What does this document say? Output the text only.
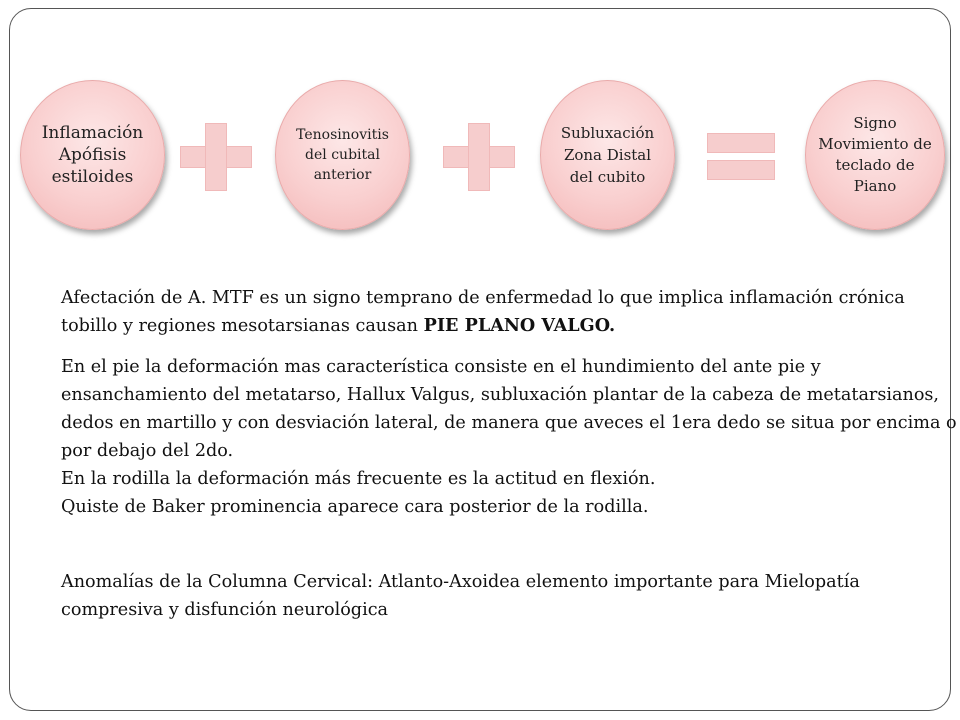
Inflamación Apófisis estiloides
Tenosinovitis del cubital anterior
Subluxación Zona Distal del cubito
Signo Movimiento de teclado de Piano
Afectación de A. MTF es un signo temprano de enfermedad lo que implica inflamación crónica
tobillo y regiones mesotarsianas causan PIE PLANO VALGO.
En el pie la deformación mas característica consiste en el hundimiento del ante pie y
ensanchamiento del metatarso, Hallux Valgus, subluxación plantar de la cabeza de metatarsianos,
dedos en martillo y con desviación lateral, de manera que aveces el 1era dedo se situa por encima o
por debajo del 2do.
En la rodilla la deformación más frecuente es la actitud en flexión.
Quiste de Baker prominencia aparece cara posterior de la rodilla.
Anomalías de la Columna Cervical: Atlanto-Axoidea elemento importante para Mielopatía
compresiva y disfunción neurológica
